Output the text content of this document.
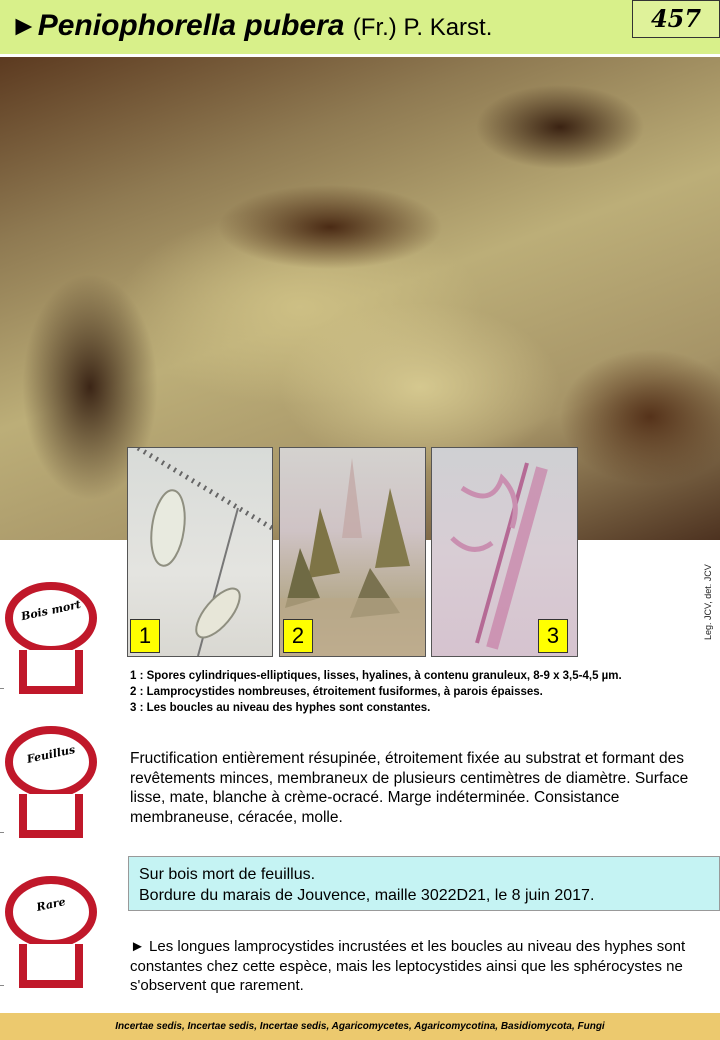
►Peniophorella pubera (Fr.) P. Karst.	457
1	2	3	Leg. JCV, det. JCV
1 : Spores cylindriques-elliptiques, lisses, hyalines, à contenu granuleux, 8-9 x 3,5-4,5 µm.
2 : Lamprocystides nombreuses, étroitement fusiformes, à parois épaisses.
3 : Les boucles au niveau des hyphes sont constantes.
Fructification entièrement résupinée, étroitement fixée au substrat et formant des revêtements minces, membraneux de plusieurs centimètres de diamètre. Surface lisse, mate, blanche à crème-ocracé. Marge indéterminée. Consistance membraneuse, céracée, molle.
Sur bois mort de feuillus.
Bordure du marais de Jouvence, maille 3022D21, le 8 juin 2017.
► Les longues lamprocystides incrustées et les boucles au niveau des hyphes sont constantes chez cette espèce, mais les leptocystides ainsi que les sphérocystes ne s'observent que rarement.
Bois mort
Feuillus
Rare
Incertae sedis, Incertae sedis, Incertae sedis, Agaricomycetes, Agaricomycotina, Basidiomycota, Fungi
